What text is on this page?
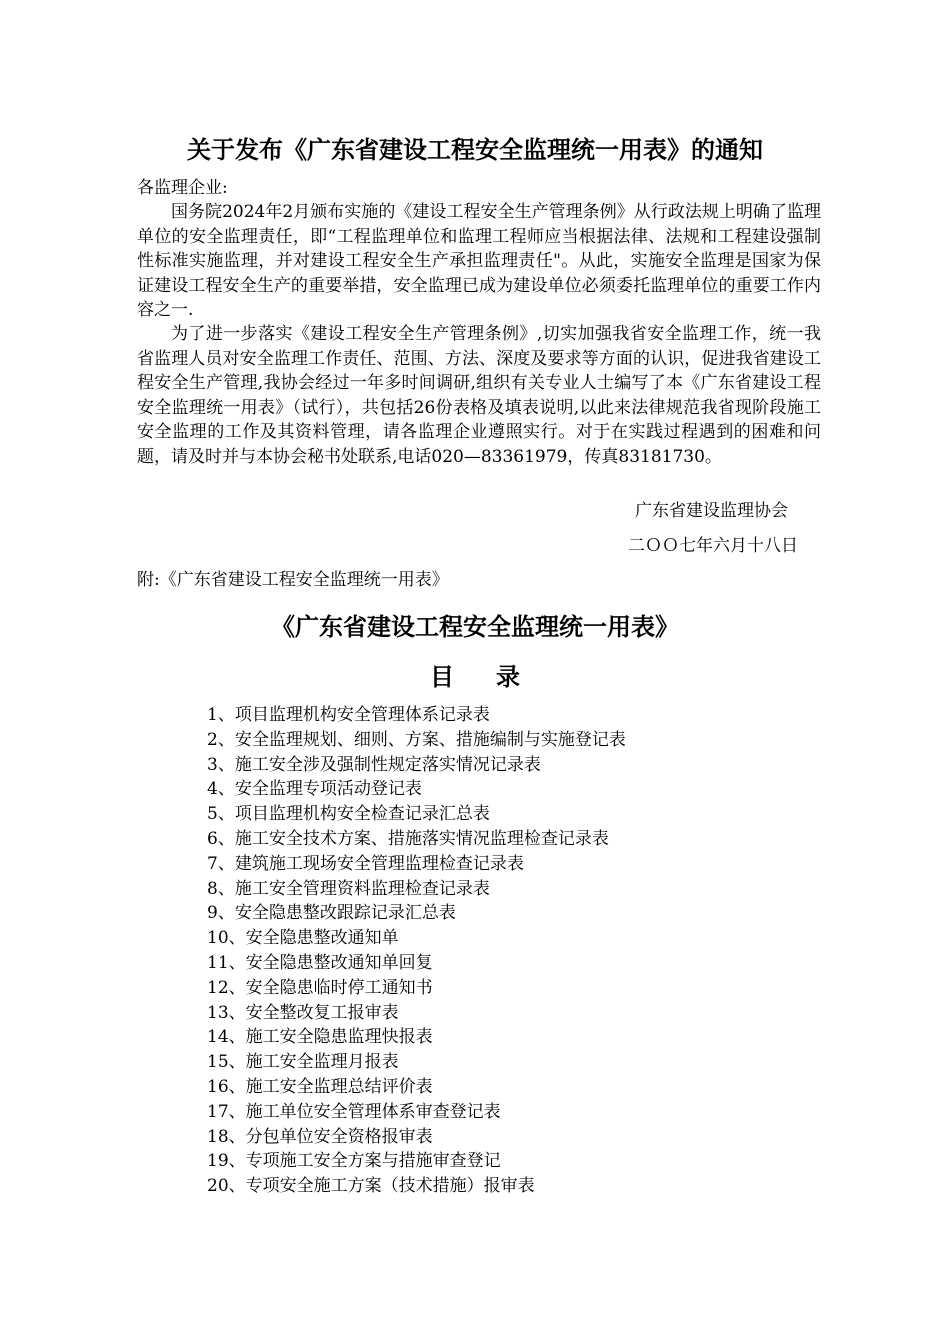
关于发布《广东省建设工程安全监理统一用表》的通知
各监理企业:

国务院2024年2月颁布实施的《建设工程安全生产管理条例》从行政法规上明确了监理单位的安全监理责任，即“工程监理单位和监理工程师应当根据法律、法规和工程建设强制性标准实施监理，并对建设工程安全生产承担监理责任"。从此，实施安全监理是国家为保证建设工程安全生产的重要举措，安全监理已成为建设单位必须委托监理单位的重要工作内容之一.

为了进一步落实《建设工程安全生产管理条例》,切实加强我省安全监理工作，统一我省监理人员对安全监理工作责任、范围、方法、深度及要求等方面的认识，促进我省建设工程安全生产管理,我协会经过一年多时间调研,组织有关专业人士编写了本《广东省建设工程安全监理统一用表》（试行），共包括26份表格及填表说明,以此来法律规范我省现阶段施工安全监理的工作及其资料管理，请各监理企业遵照实行。对于在实践过程遇到的困难和问题，请及时并与本协会秘书处联系,电话020—83361979，传真83181730。

广东省建设监理协会
二ＯＯ七年六月十八日
附:《广东省建设工程安全监理统一用表》
《广东省建设工程安全监理统一用表》
目录
1、项目监理机构安全管理体系记录表
2、安全监理规划、细则、方案、措施编制与实施登记表
3、施工安全涉及强制性规定落实情况记录表
4、安全监理专项活动登记表
5、项目监理机构安全检查记录汇总表
6、施工安全技术方案、措施落实情况监理检查记录表
7、建筑施工现场安全管理监理检查记录表
8、施工安全管理资料监理检查记录表
9、安全隐患整改跟踪记录汇总表
10、安全隐患整改通知单
11、安全隐患整改通知单回复
12、安全隐患临时停工通知书
13、安全整改复工报审表
14、施工安全隐患监理快报表
15、施工安全监理月报表
16、施工安全监理总结评价表
17、施工单位安全管理体系审查登记表
18、分包单位安全资格报审表
19、专项施工安全方案与措施审查登记
20、专项安全施工方案（技术措施）报审表
